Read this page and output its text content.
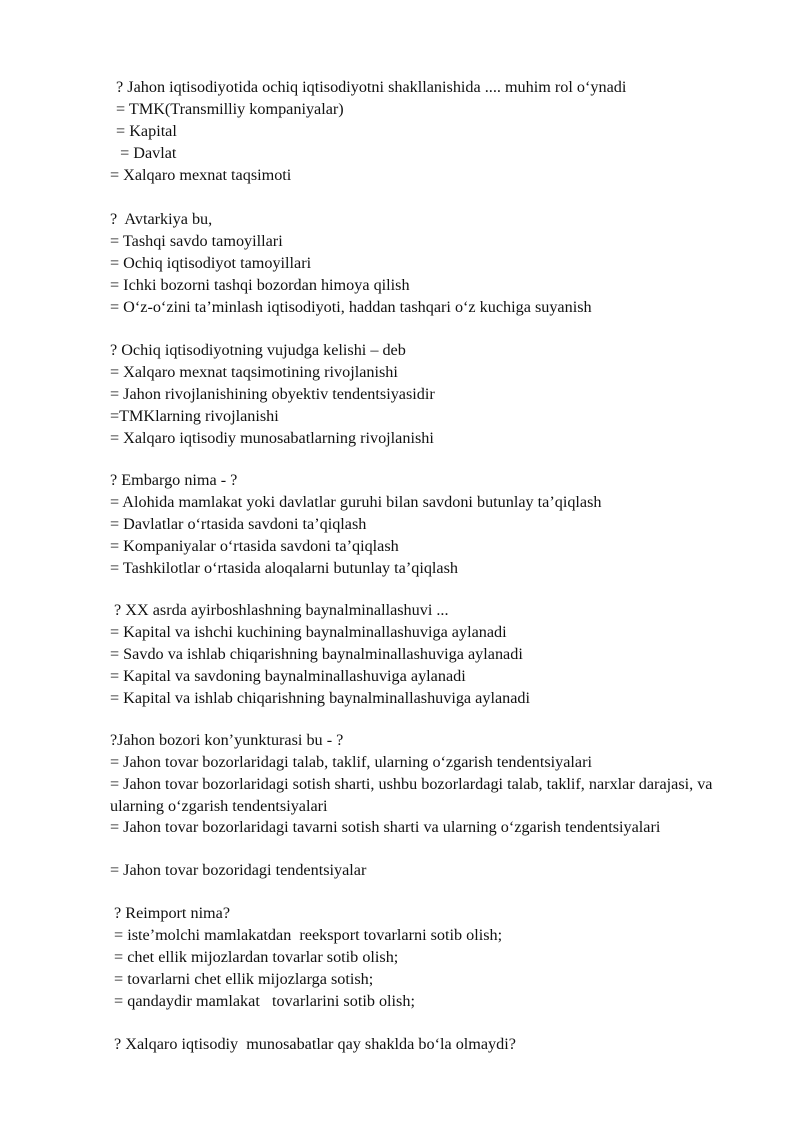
? Jahon iqtisodiyotida ochiq iqtisodiyotni shakllanishida .... muhim rol o‘ynadi
= TMK(Transmilliy kompaniyalar)
= Kapital
= Davlat
= Xalqaro mexnat taqsimoti
?  Avtarkiya bu,
= Tashqi savdo tamoyillari
= Ochiq iqtisodiyot tamoyillari
= Ichki bozorni tashqi bozordan himoya qilish
= O‘z-o‘zini ta’minlash iqtisodiyoti, haddan tashqari o‘z kuchiga suyanish
? Ochiq iqtisodiyotning vujudga kelishi – deb
= Xalqaro mexnat taqsimotining rivojlanishi
= Jahon rivojlanishining obyektiv tendentsiyasidir
=TMKlarning rivojlanishi
= Xalqaro iqtisodiy munosabatlarning rivojlanishi
? Embargo nima - ?
= Alohida mamlakat yoki davlatlar guruhi bilan savdoni butunlay ta’qiqlash
= Davlatlar o‘rtasida savdoni ta’qiqlash
= Kompaniyalar o‘rtasida savdoni ta’qiqlash
= Tashkilotlar o‘rtasida aloqalarni butunlay ta’qiqlash
? XX asrda ayirboshlashning baynalminallashuvi ...
= Kapital va ishchi kuchining baynalminallashuviga aylanadi
= Savdo va ishlab chiqarishning baynalminallashuviga aylanadi
= Kapital va savdoning baynalminallashuviga aylanadi
= Kapital va ishlab chiqarishning baynalminallashuviga aylanadi
?Jahon bozori kon’yunkturasi bu - ?
= Jahon tovar bozorlaridagi talab, taklif, ularning o‘zgarish tendentsiyalari
= Jahon tovar bozorlaridagi sotish sharti, ushbu bozorlardagi talab, taklif, narxlar darajasi, va ularning o‘zgarish tendentsiyalari
= Jahon tovar bozorlaridagi tavarni sotish sharti va ularning o‘zgarish tendentsiyalari
= Jahon tovar bozoridagi tendentsiyalar
? Reimport nima?
= iste’molchi mamlakatdan  reeksport tovarlarni sotib olish;
= chet ellik mijozlardan tovarlar sotib olish;
= tovarlarni chet ellik mijozlarga sotish;
= qandaydir mamlakat   tovarlarini sotib olish;
? Xalqaro iqtisodiy  munosabatlar qay shaklda bo‘la olmaydi?
